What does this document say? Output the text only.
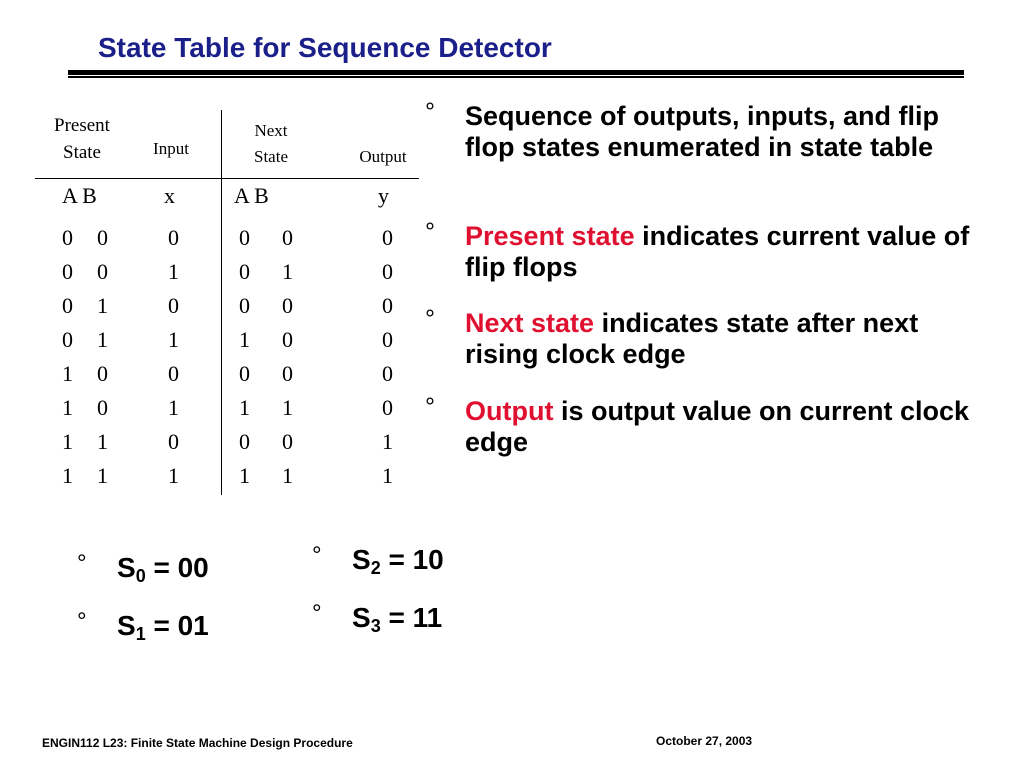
State Table for Sequence Detector
Present
State	Input
Next
State	Output
A B	x	A B	y
0 0	0	0 0	0
0 0	1	0 1	0
0 1	0	0 0	0
0 1	1	1 0	0
1 0	0	0 0	0
1 0	1	1 1	0
1 1	0	0 0	1
1 1	1	1 1	1
° Sequence of outputs, inputs, and flip flop states enumerated in state table
° Present state indicates current value of flip flops
° Next state indicates state after next rising clock edge
° Output is output value on current clock edge
° $S_0 = 00$
° $S_1 = 01$
° $S_2 = 10$
° $S_3 = 11$
ENGIN112 L23: Finite State Machine Design Procedure	October 27, 2003
